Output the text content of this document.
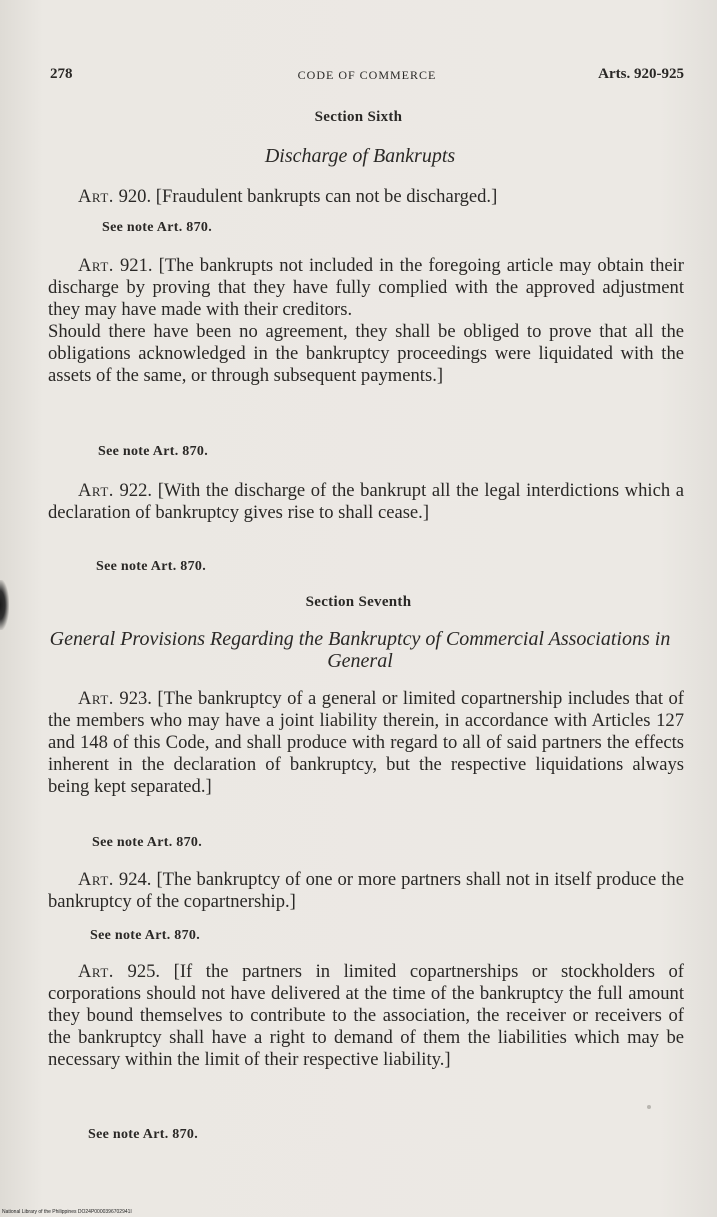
278	CODE OF COMMERCE	Arts. 920-925
Section Sixth
Discharge of Bankrupts

Art. 920. [Fraudulent bankrupts can not be discharged.]

See note Art. 870.

Art. 921. [The bankrupts not included in the foregoing article may obtain their discharge by proving that they have fully complied with the approved adjustment they may have made with their creditors.

Should there have been no agreement, they shall be obliged to prove that all the obligations acknowledged in the bankruptcy proceedings were liquidated with the assets of the same, or through subsequent payments.]

See note Art. 870.

Art. 922. [With the discharge of the bankrupt all the legal interdictions which a declaration of bankruptcy gives rise to shall cease.]

See note Art. 870.
Section Seventh
General Provisions Regarding the Bankruptcy of Commercial Associations in General

Art. 923. [The bankruptcy of a general or limited copartnership includes that of the members who may have a joint liability therein, in accordance with Articles 127 and 148 of this Code, and shall produce with regard to all of said partners the effects inherent in the declaration of bankruptcy, but the respective liquidations always being kept separated.]

See note Art. 870.

Art. 924. [The bankruptcy of one or more partners shall not in itself produce the bankruptcy of the copartnership.]

See note Art. 870.

Art. 925. [If the partners in limited copartnerships or stockholders of corporations should not have delivered at the time of the bankruptcy the full amount they bound themselves to contribute to the association, the receiver or receivers of the bankruptcy shall have a right to demand of them the liabilities which may be necessary within the limit of their respective liability.]

See note Art. 870.
National Library of the Philippines DO24P0000396702941I
